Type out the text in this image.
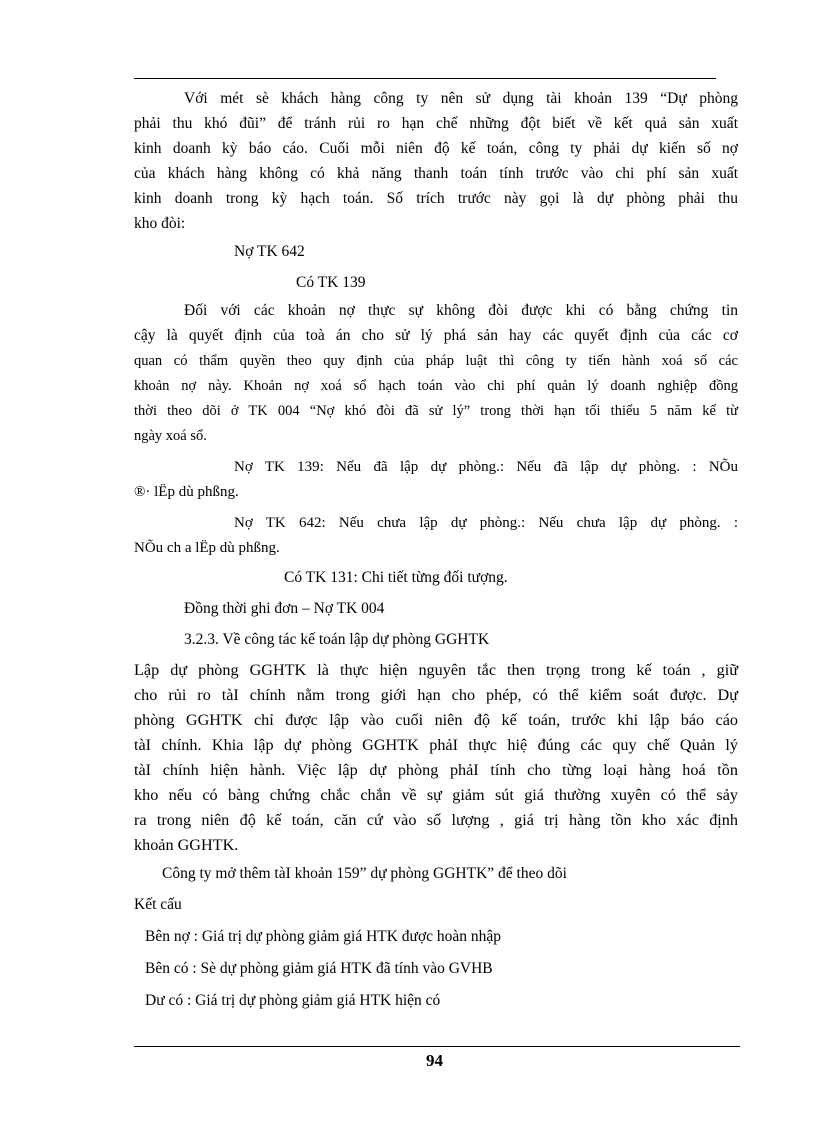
Với mét sè khách hàng công ty nên sử dụng tài khoản 139 “Dự phòng
phải thu khó đũi” để tránh rủi ro hạn chế những đột biết về kết quả sản xuất
kinh doanh kỳ báo cáo. Cuối mỗi niên độ kế toán, công ty phải dự kiến số nợ
của khách hàng không có khả năng thanh toán tính trước vào chi phí sản xuất
kinh doanh trong kỳ hạch toán. Số trích trước này gọi là dự phòng phải thu
kho đòi:
Nợ TK 642
Có TK 139
Đối với các khoản nợ thực sự không đòi được khi có bằng chứng tin
cậy là quyết định của toà án cho sử lý phá sản hay các quyết định của các cơ
quan có thẩm quyền theo quy định của pháp luật thì công ty tiến hành xoá sổ các
khoản nợ này. Khoản nợ xoá sổ hạch toán vào chi phí quản lý doanh nghiệp đồng
thời theo dõi ở TK 004 “Nợ khó đòi đã sử lý” trong thời hạn tối thiểu 5 năm kể từ
ngày xoá sổ.
Nợ TK 139: Nếu đã lập dự phòng.: Nếu đã lập dự phòng. : NÕu
®· lËp dù phßng.
Nợ TK 642: Nếu chưa lập dự phòng.: Nếu chưa lập dự phòng. :
NÕu ch a lËp dù phßng.
Có TK 131: Chi tiết từng đối tượng.
Đồng thời ghi đơn – Nợ TK 004
3.2.3. Về công tác kế toán lập dự phòng GGHTK
Lập dự phòng GGHTK là thực hiện nguyên tắc then trọng trong kế toán , giữ
cho rủi ro tàI chính nằm trong giới hạn cho phép, có thể kiểm soát được. Dự
phòng GGHTK chỉ được lập vào cuối niên độ kế toán, trước khi lập báo cáo
tàI chính. Khia lập dự phòng GGHTK phảI thực hiệ đúng các quy chế Quản lý
tàI chính hiện hành. Việc lập dự phòng phảI tính cho từng loại hàng hoá tồn
kho nếu có bàng chứng chắc chắn về sự giảm sút giá thường xuyên có thể sảy
ra trong niên độ kế toán, căn cứ vào số lượng , giá trị hàng tồn kho xác định
khoản GGHTK.
Công ty mở thêm tàI khoản 159” dự phòng GGHTK” để theo dõi
Kết cấu
Bên nợ : Giá trị dự phòng giảm giá HTK được hoàn nhập
Bên có : Sè dự phòng giảm giá HTK đã tính vào GVHB
Dư có : Giá trị dự phòng giảm giá HTK hiện có
94
